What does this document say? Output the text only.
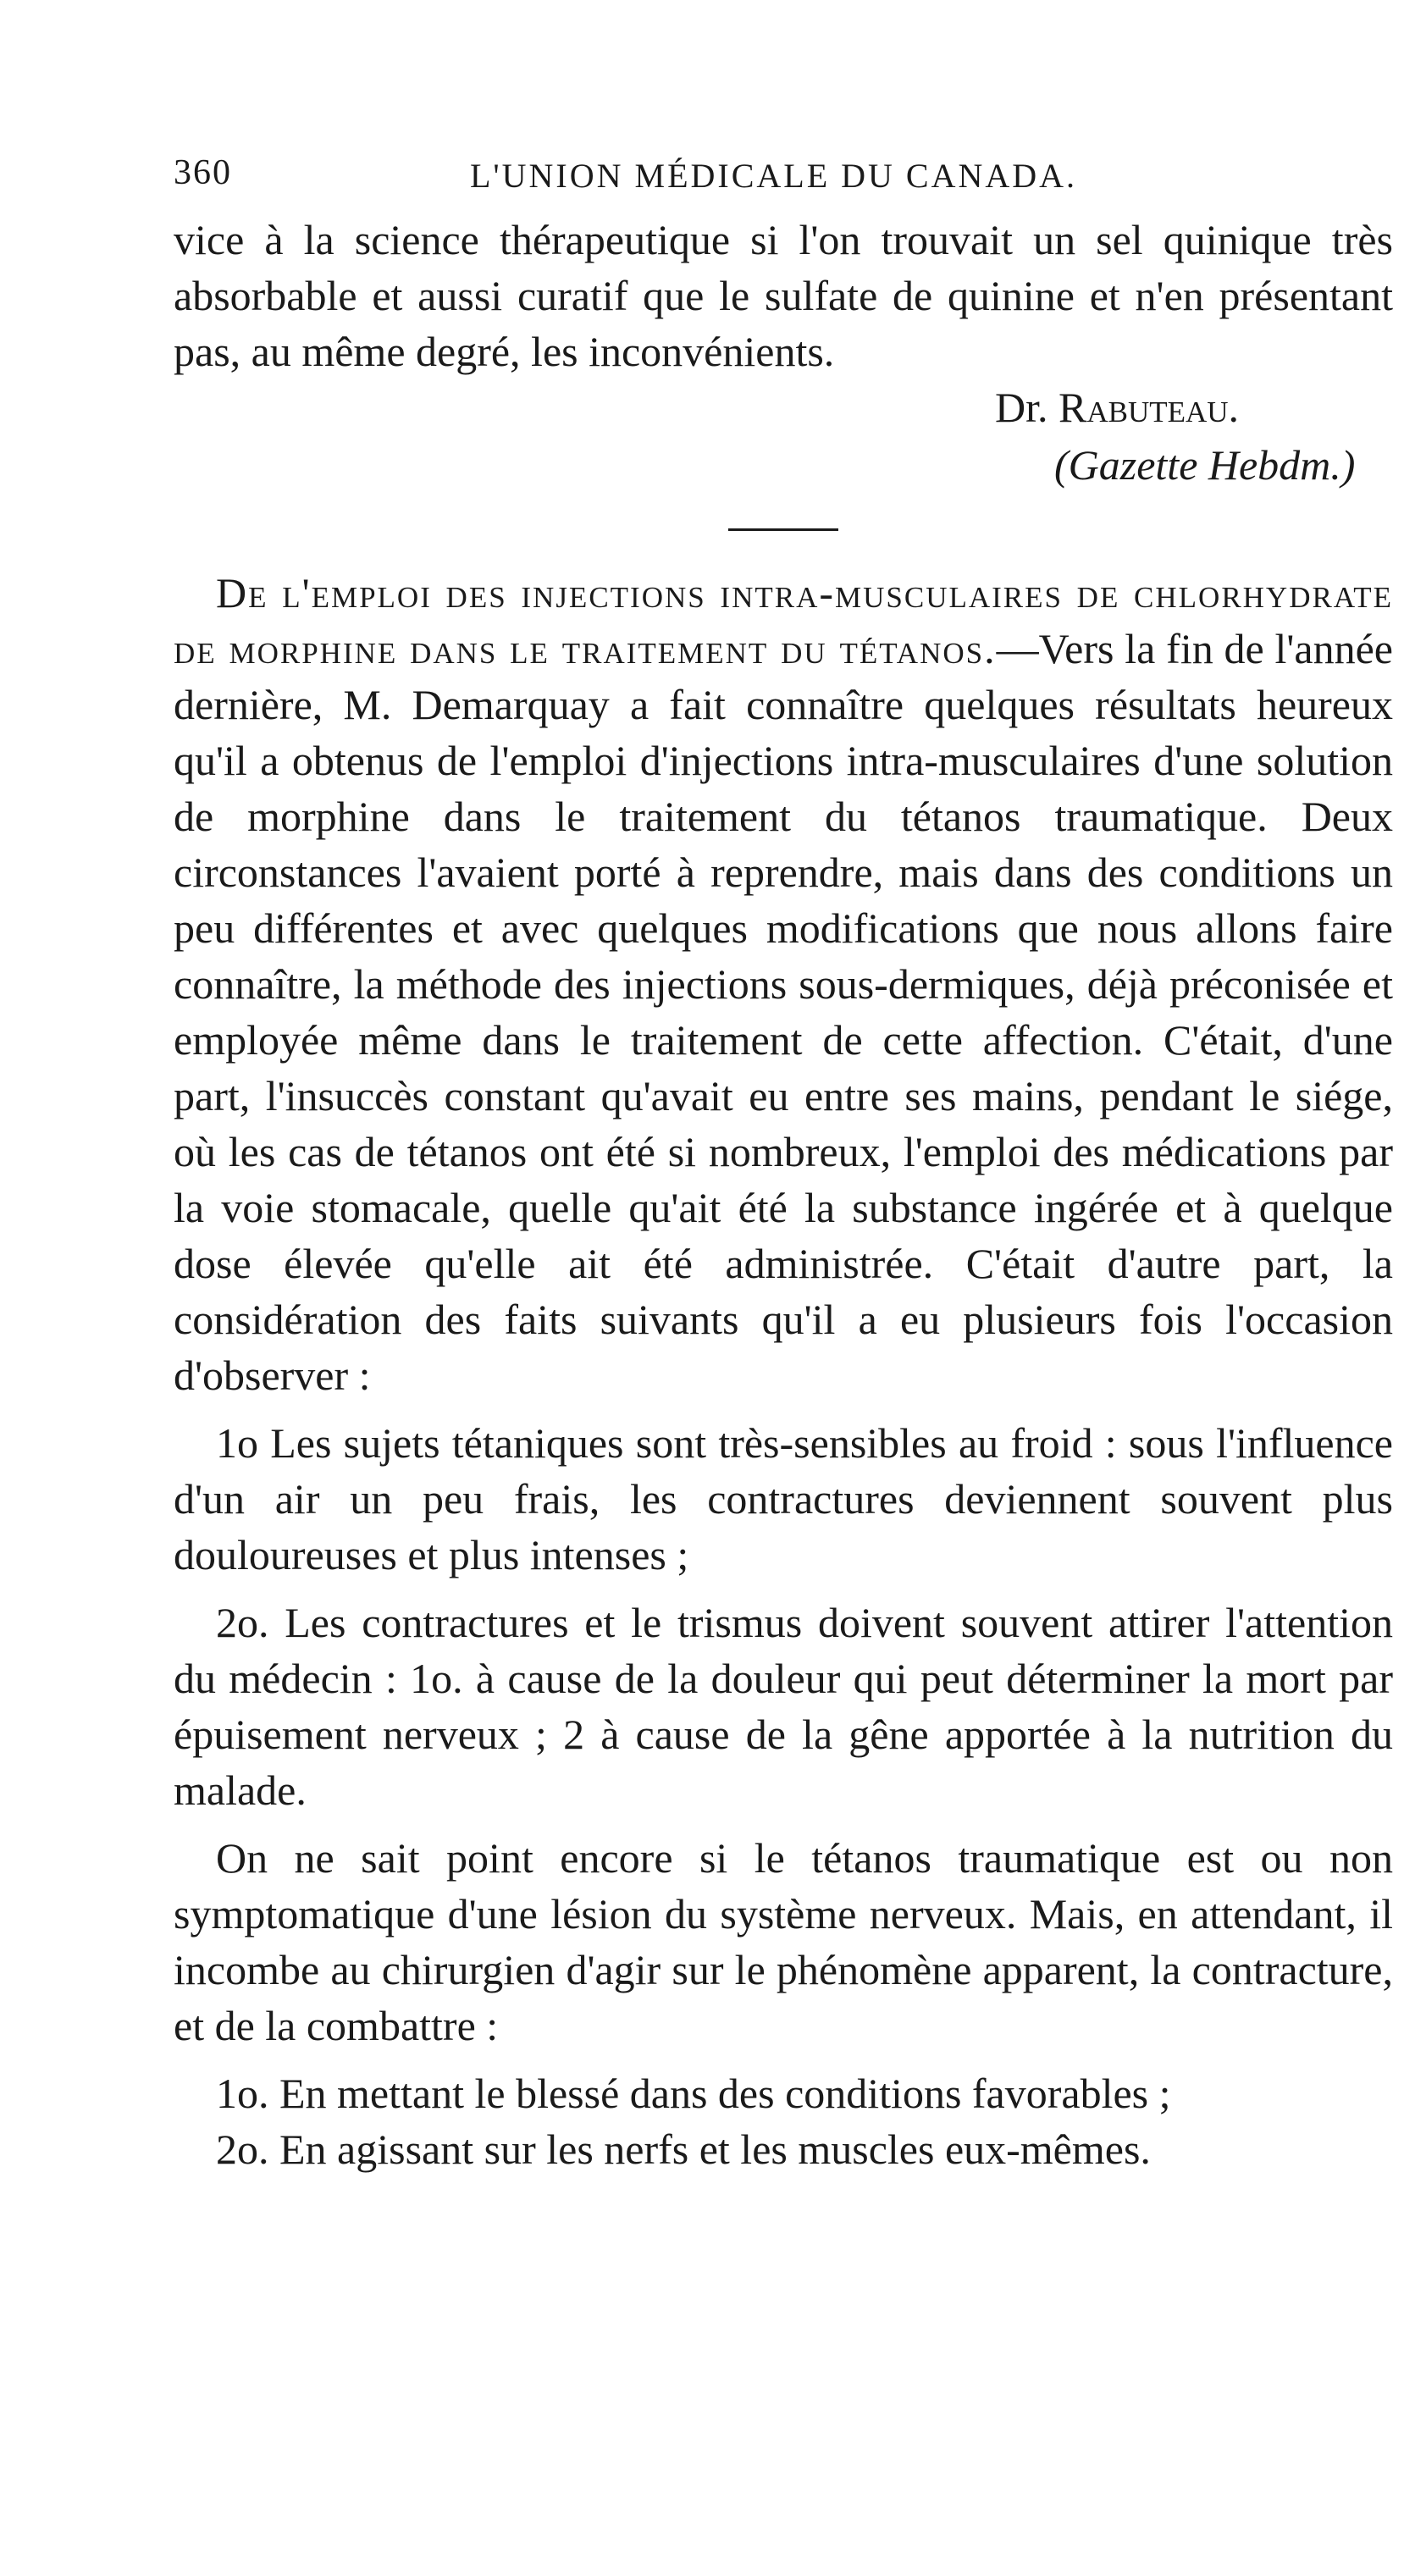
360	L'UNION MÉDICALE DU CANADA.

vice à la science thérapeutique si l'on trouvait un sel quinique très absorbable et aussi curatif que le sulfate de quinine et n'en présentant pas, au même degré, les inconvénients.

Dr. Rabuteau.
(Gazette Hebdm.)

De l'emploi des injections intra-musculaires de chlorhydrate de morphine dans le traitement du tétanos.—Vers la fin de l'année dernière, M. Demarquay a fait connaître quelques résultats heureux qu'il a obtenus de l'emploi d'injections intra-musculaires d'une solution de morphine dans le traitement du tétanos traumatique. Deux circonstances l'avaient porté à reprendre, mais dans des conditions un peu différentes et avec quelques modifications que nous allons faire connaître, la méthode des injections sous-dermiques, déjà préconisée et employée même dans le traitement de cette affection. C'était, d'une part, l'insuccès constant qu'avait eu entre ses mains, pendant le siége, où les cas de tétanos ont été si nombreux, l'emploi des médications par la voie stomacale, quelle qu'ait été la substance ingérée et à quelque dose élevée qu'elle ait été administrée. C'était d'autre part, la considération des faits suivants qu'il a eu plusieurs fois l'occasion d'observer :

1o Les sujets tétaniques sont très-sensibles au froid : sous l'influence d'un air un peu frais, les contractures deviennent souvent plus douloureuses et plus intenses ;

2o. Les contractures et le trismus doivent souvent attirer l'attention du médecin : 1o. à cause de la douleur qui peut déterminer la mort par épuisement nerveux ; 2 à cause de la gêne apportée à la nutrition du malade.

On ne sait point encore si le tétanos traumatique est ou non symptomatique d'une lésion du système nerveux. Mais, en attendant, il incombe au chirurgien d'agir sur le phénomène apparent, la contracture, et de la combattre :

1o. En mettant le blessé dans des conditions favorables ;

2o. En agissant sur les nerfs et les muscles eux-mêmes.
